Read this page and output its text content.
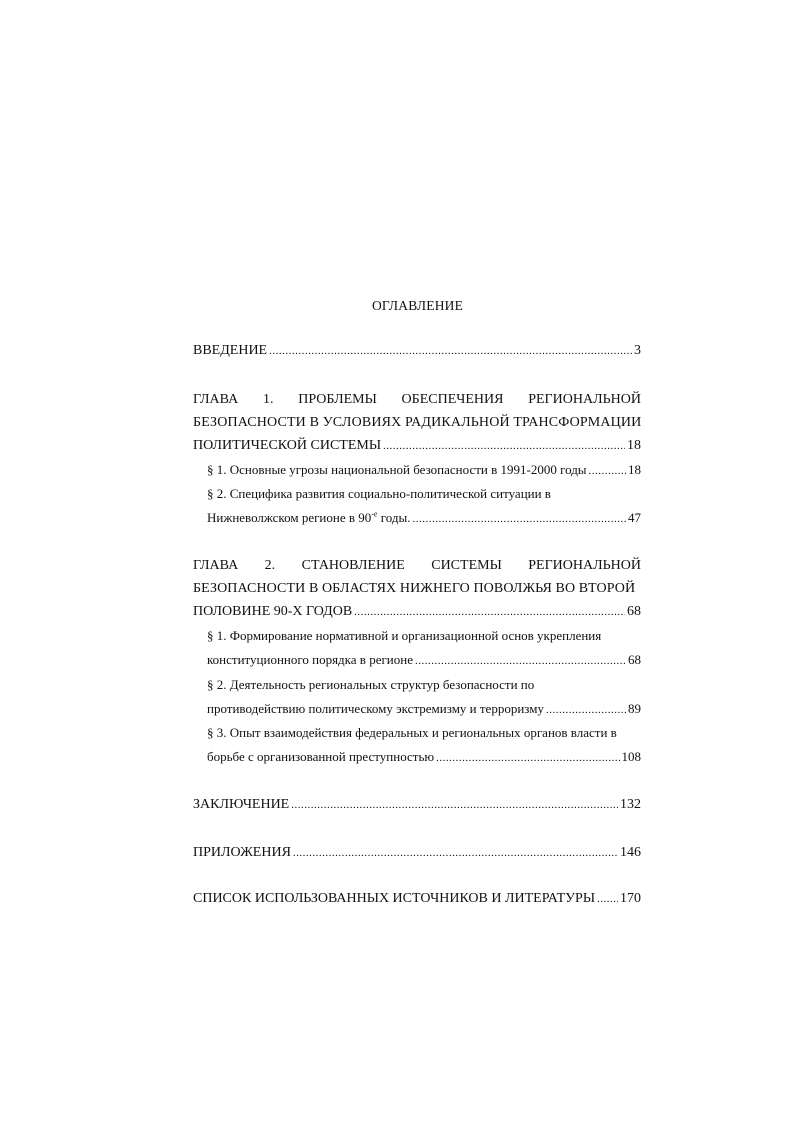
ОГЛАВЛЕНИЕ
ВВЕДЕНИЕ .....	3
ГЛАВА 1. ПРОБЛЕМЫ ОБЕСПЕЧЕНИЯ РЕГИОНАЛЬНОЙ
БЕЗОПАСНОСТИ В УСЛОВИЯХ РАДИКАЛЬНОЙ ТРАНСФОРМАЦИИ
ПОЛИТИЧЕСКОЙ СИСТЕМЫ .....	18
§ 1. Основные угрозы национальной безопасности в 1991-2000 годы .....	18
§ 2. Специфика развития социально-политической ситуации в
Нижневолжском регионе в $90^{-е}$ годы. .....	47
ГЛАВА 2. СТАНОВЛЕНИЕ СИСТЕМЫ РЕГИОНАЛЬНОЙ
БЕЗОПАСНОСТИ В ОБЛАСТЯХ НИЖНЕГО ПОВОЛЖЬЯ ВО ВТОРОЙ
ПОЛОВИНЕ 90-Х ГОДОВ .....	68
§ 1. Формирование нормативной и организационной основ укрепления
конституционного порядка в регионе .....	68
§ 2. Деятельность региональных структур безопасности по
противодействию политическому экстремизму и терроризму .....	89
§ 3. Опыт взаимодействия федеральных и региональных органов власти в
борьбе с организованной преступностью .....	108
ЗАКЛЮЧЕНИЕ .....	132
ПРИЛОЖЕНИЯ .....	146
СПИСОК ИСПОЛЬЗОВАННЫХ ИСТОЧНИКОВ И ЛИТЕРАТУРЫ ..... 170
